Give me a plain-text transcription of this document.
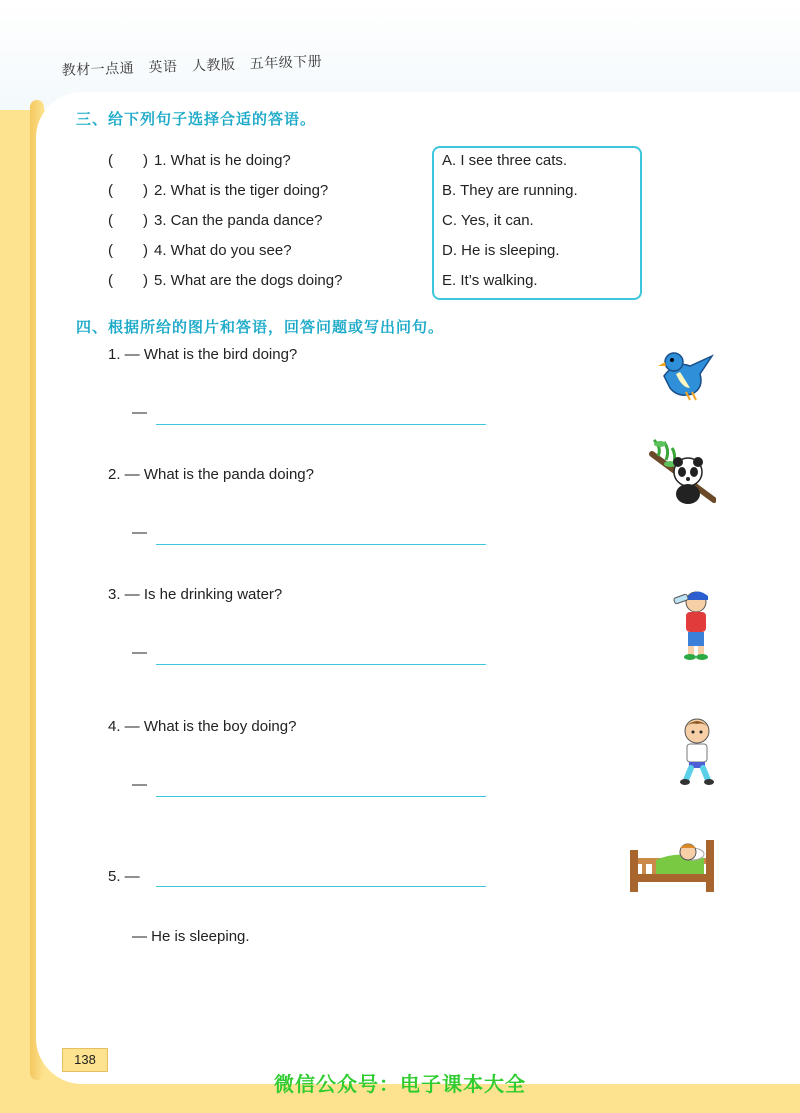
教材一点通 英语 人教版 五年级下册
三、给下列句子选择合适的答语。
(　　) 1. What is he doing?
(　　) 2. What is the tiger doing?
(　　) 3. Can the panda dance?
(　　) 4. What do you see?
(　　) 5. What are the dogs doing?
A. I see three cats.
B. They are running.
C. Yes, it can.
D. He is sleeping.
E. It’s walking.
四、根据所给的图片和答语，回答问题或写出问句。
1. — What is the bird doing?
—
2. — What is the panda doing?
—
3. — Is he drinking water?
—
4. — What is the boy doing?
—
5. —
— He is sleeping.
138
微信公众号：电子课本大全
